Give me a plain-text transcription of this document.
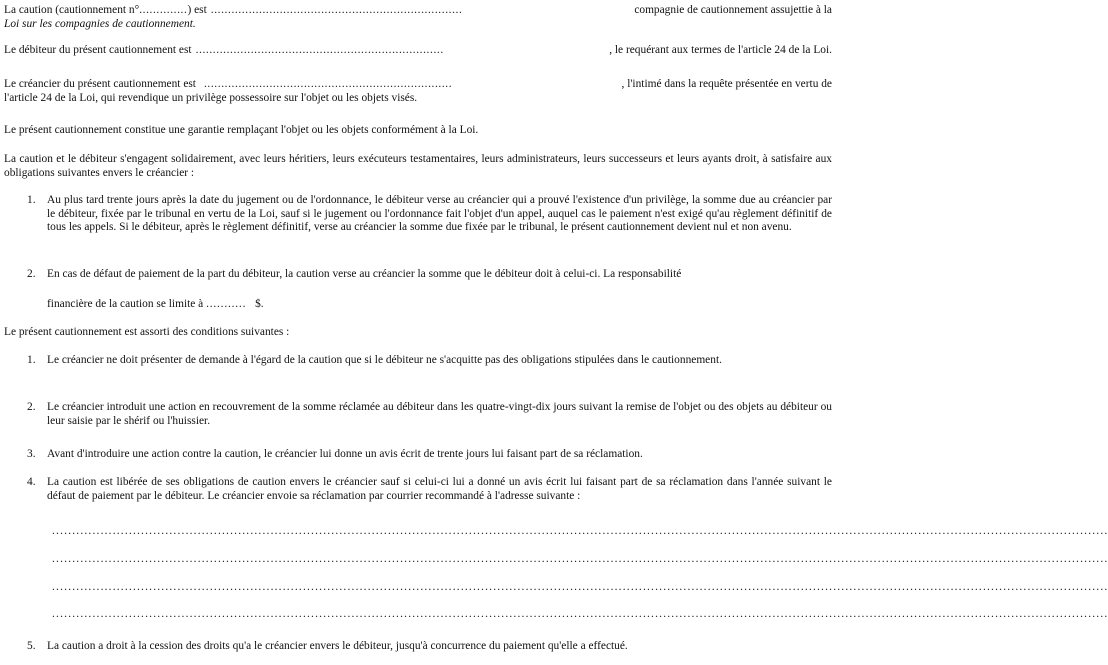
La caution (cautionnement n° .............. ) est .........................................................................	compagnie de cautionnement assujettie à la
Loi sur les compagnies de cautionnement.
Le débiteur du présent cautionnement est ........................................................................	, le requérant aux termes de l'article 24 de la Loi.
Le créancier du présent cautionnement est ........................................................................	, l'intimé dans la requête présentée en vertu de
l'article 24 de la Loi, qui revendique un privilège possessoire sur l'objet ou les objets visés.
Le présent cautionnement constitue une garantie remplaçant l'objet ou les objets conformément à la Loi.
La caution et le débiteur s'engagent solidairement, avec leurs héritiers, leurs exécuteurs testamentaires, leurs administrateurs, leurs successeurs et leurs ayants droit, à satisfaire aux obligations suivantes envers le créancier :
1. Au plus tard trente jours après la date du jugement ou de l'ordonnance, le débiteur verse au créancier qui a prouvé l'existence d'un privilège, la somme due au créancier par le débiteur, fixée par le tribunal en vertu de la Loi, sauf si le jugement ou l'ordonnance fait l'objet d'un appel, auquel cas le paiement n'est exigé qu'au règlement définitif de tous les appels. Si le débiteur, après le règlement définitif, verse au créancier la somme due fixée par le tribunal, le présent cautionnement devient nul et non avenu.
2. En cas de défaut de paiement de la part du débiteur, la caution verse au créancier la somme que le débiteur doit à celui-ci. La responsabilité
financière de la caution se limite à ........... $.
Le présent cautionnement est assorti des conditions suivantes :
1. Le créancier ne doit présenter de demande à l'égard de la caution que si le débiteur ne s'acquitte pas des obligations stipulées dans le cautionnement.
2. Le créancier introduit une action en recouvrement de la somme réclamée au débiteur dans les quatre-vingt-dix jours suivant la remise de l'objet ou des objets au débiteur ou leur saisie par le shérif ou l'huissier.
3. Avant d'introduire une action contre la caution, le créancier lui donne un avis écrit de trente jours lui faisant part de sa réclamation.
4. La caution est libérée de ses obligations de caution envers le créancier sauf si celui-ci lui a donné un avis écrit lui faisant part de sa réclamation dans l'année suivant le défaut de paiement par le débiteur. Le créancier envoie sa réclamation par courrier recommandé à l'adresse suivante :
.....................................................................................................................................................................................................................................................................
.....................................................................................................................................................................................................................................................................
.....................................................................................................................................................................................................................................................................
.....................................................................................................................................................................................................................................................................
5. La caution a droit à la cession des droits qu'a le créancier envers le débiteur, jusqu'à concurrence du paiement qu'elle a effectué.
